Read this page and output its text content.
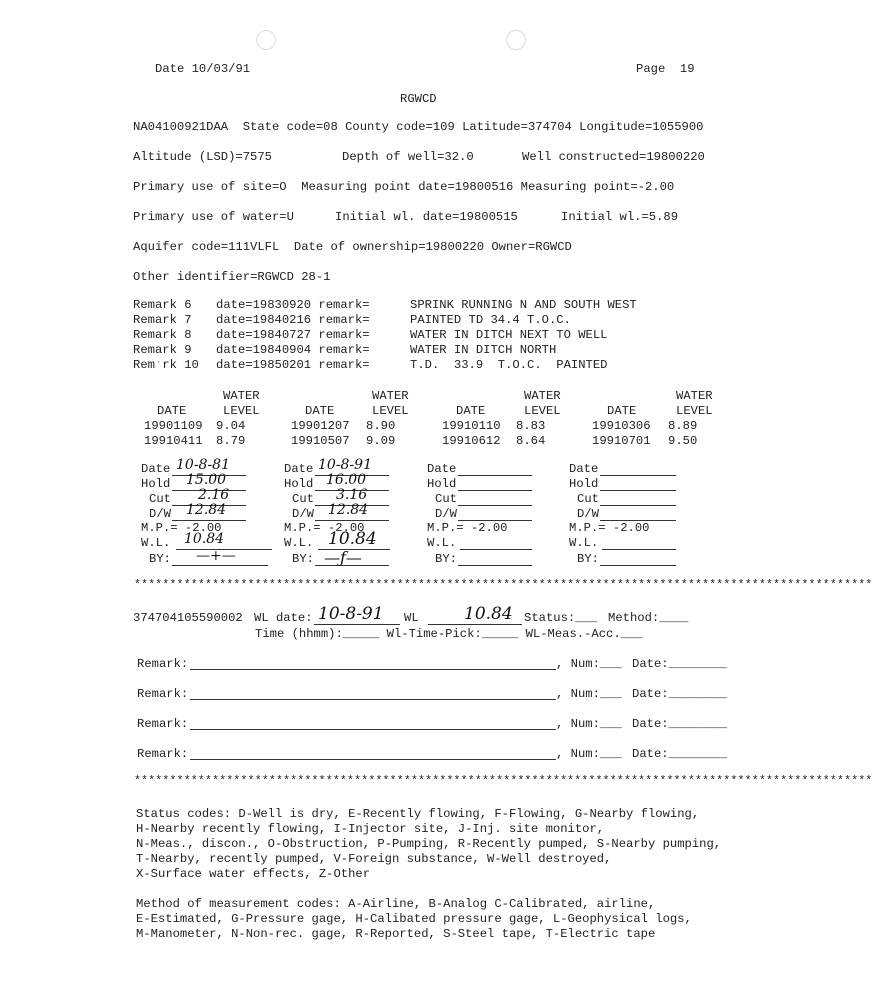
Date 10/03/91	Page  19
RGWCD
NA04100921DAA  State code=08 County code=109 Latitude=374704 Longitude=1055900
Altitude (LSD)=7575	Depth of well=32.0	Well constructed=19800220
Primary use of site=O  Measuring point date=19800516 Measuring point=-2.00
Primary use of water=U	Initial wl. date=19800515	Initial wl.=5.89
Aquifer code=111VLFL  Date of ownership=19800220 Owner=RGWCD
Other identifier=RGWCD 28-1
Remark 6 date=19830920 remark=	SPRINK RUNNING N AND SOUTH WEST
Remark 7 date=19840216 remark=	PAINTED TD 34.4 T.O.C.
Remark 8 date=19840727 remark=	WATER IN DITCH NEXT TO WELL
Remark 9 date=19840904 remark=	WATER IN DITCH NORTH
Remˑrk 10 date=19850201 remark=	T.D.  33.9  T.O.C.  PAINTED
WATER	WATER	WATER	WATER
DATE	LEVEL	DATE	LEVEL	DATE	LEVEL	DATE	LEVEL
19901109 9.04	19901207 8.90	19910110 8.83	19910306 8.89
19910411 8.79	19910507 9.09	19910612 8.64	19910701 9.50
Date 10-8-81
Hold 15.00
Cut 2.16
D/W 12.84
M.P.= -2.00
W.L. 10.84
BY: —+—
Date 10-8-91
Hold 16.00
Cut 3.16
D/W 12.84
M.P.= -2.00
W.L. 10.84
BY: —ƒ—
Date
Hold
Cut
D/W
M.P.= -2.00
W.L.
BY:
Date
Hold
Cut
D/W
M.P.= -2.00
W.L.
BY:
********************************************************************************************************
374704105590002 WL date: 10-8-91 WL	10.84 Status:___ Method:____
Time (hhmm):_____ Wl-Time-Pick:_____ WL-Meas.-Acc.___
Remark:	, Num:___ Date:________
Remark:	, Num:___ Date:________
Remark:	, Num:___ Date:________
Remark:	, Num:___ Date:________
********************************************************************************************************
Status codes: D-Well is dry, E-Recently flowing, F-Flowing, G-Nearby flowing,
H-Nearby recently flowing, I-Injector site, J-Inj. site monitor,
N-Meas., discon., O-Obstruction, P-Pumping, R-Recently pumped, S-Nearby pumping,
T-Nearby, recently pumped, V-Foreign substance, W-Well destroyed,
X-Surface water effects, Z-Other
Method of measurement codes: A-Airline, B-Analog C-Calibrated, airline,
E-Estimated, G-Pressure gage, H-Calibated pressure gage, L-Geophysical logs,
M-Manometer, N-Non-rec. gage, R-Reported, S-Steel tape, T-Electric tape
